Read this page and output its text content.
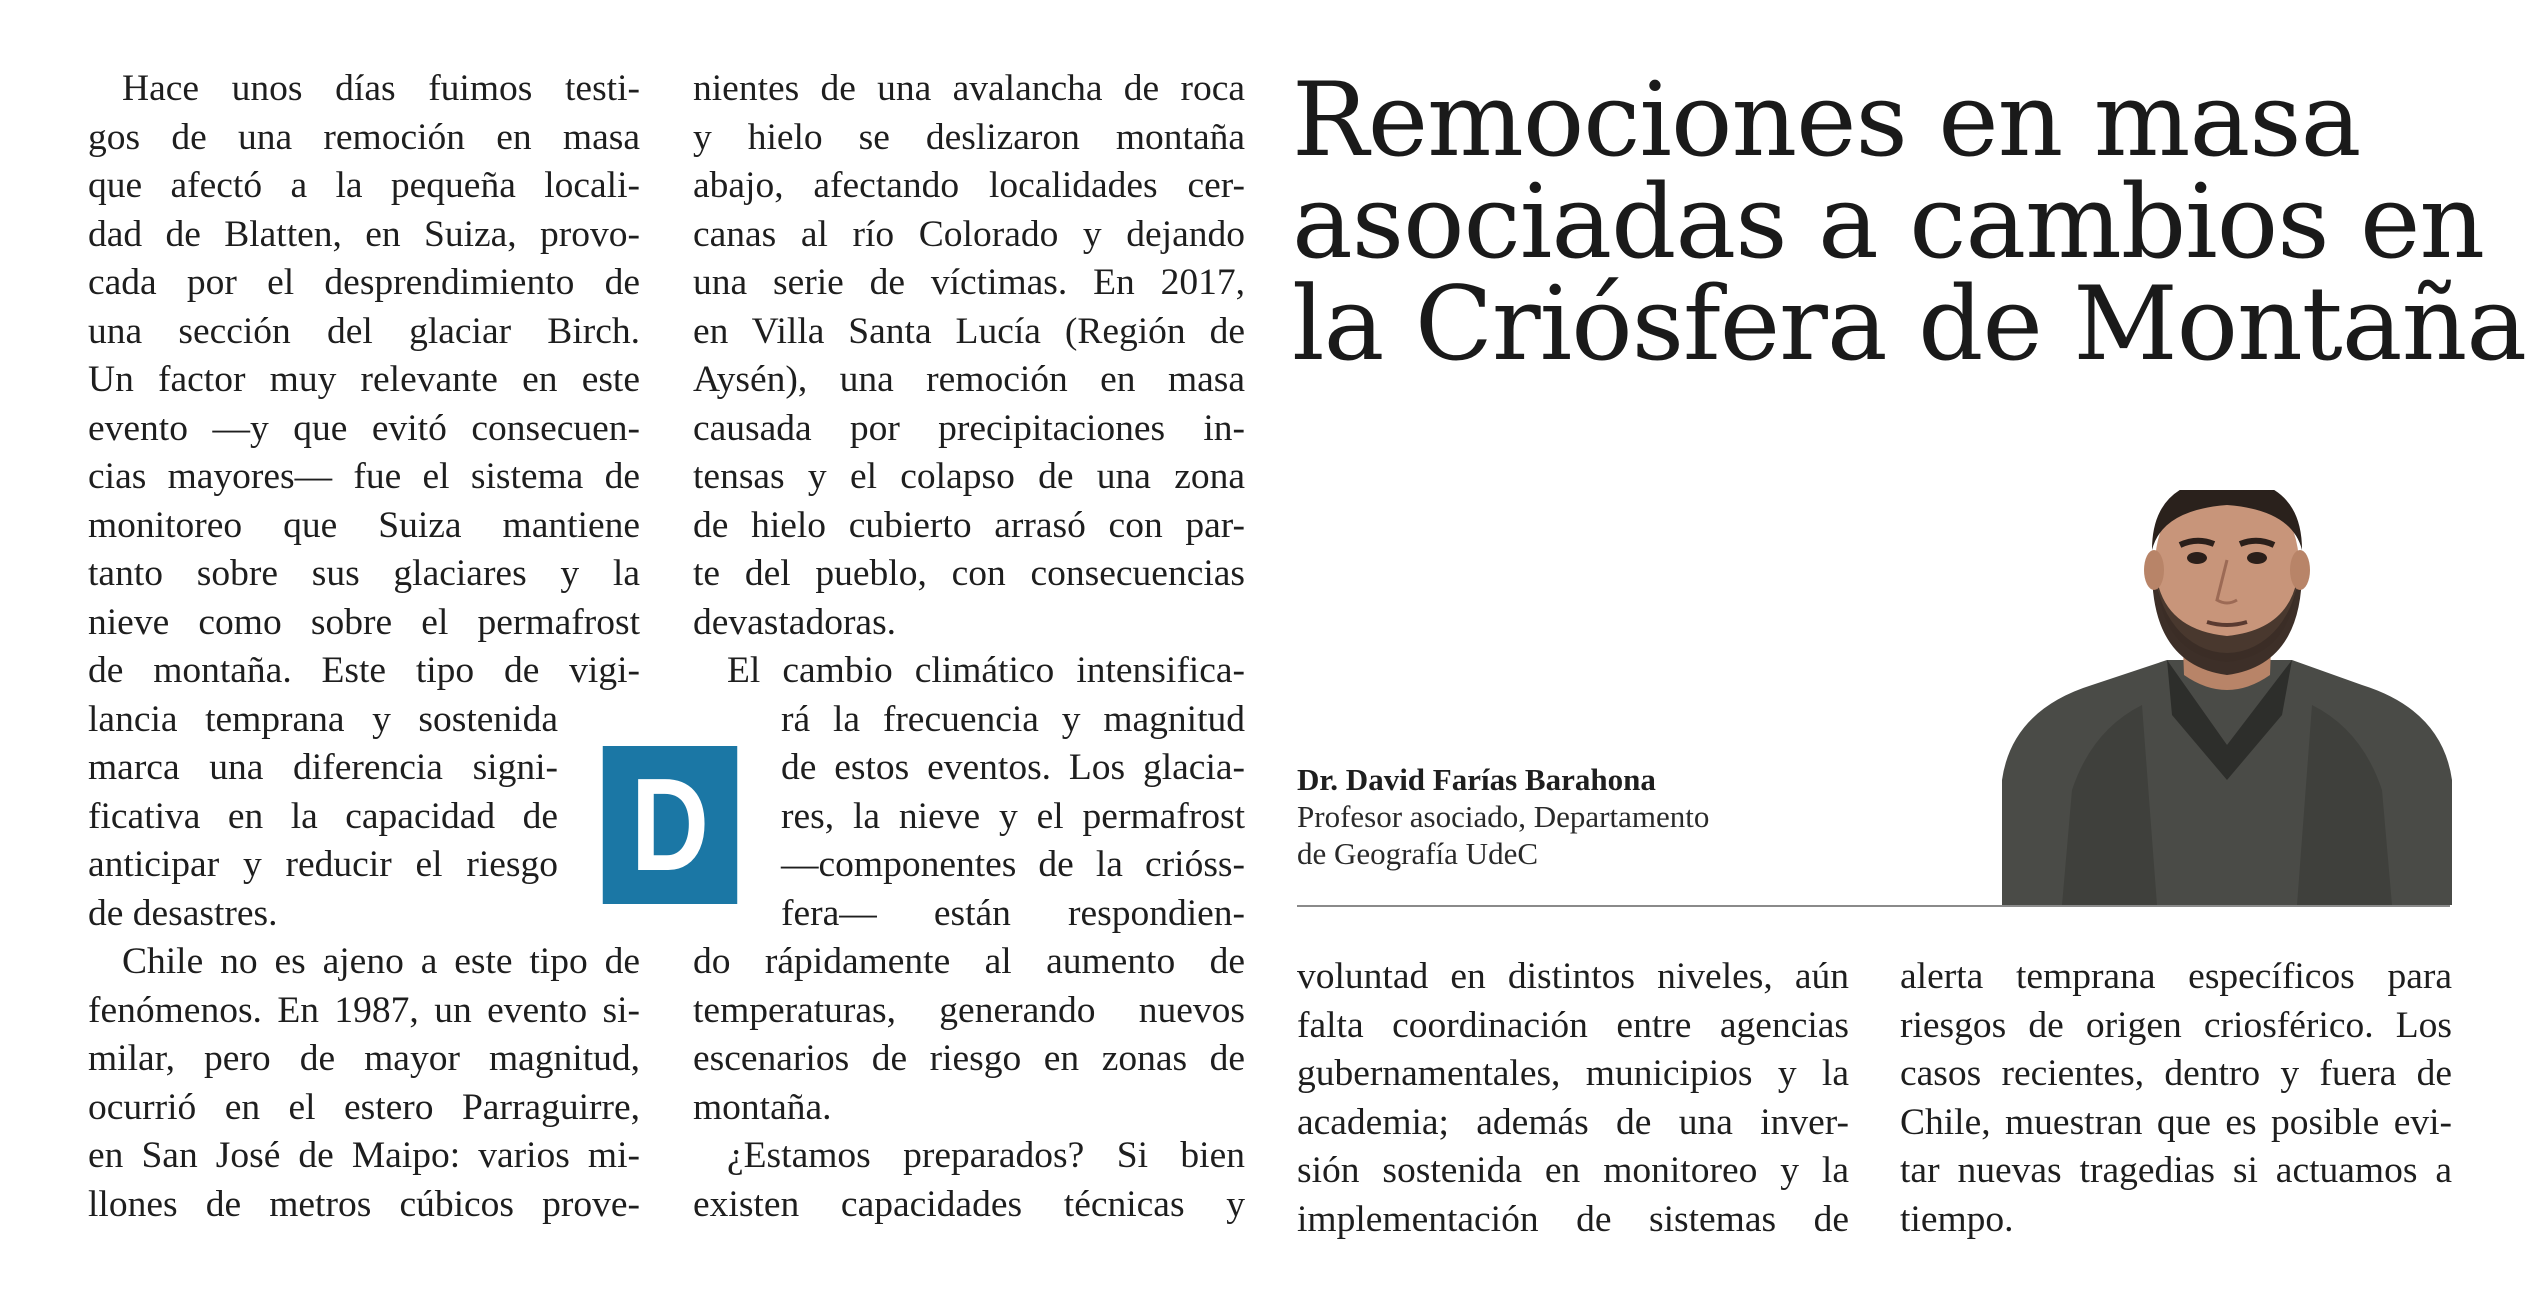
Hace unos días fuimos testi-
gos de una remoción en masa
que afectó a la pequeña locali-
dad de Blatten, en Suiza, provo-
cada por el desprendimiento de
una sección del glaciar Birch.
Un factor muy relevante en este
evento —y que evitó consecuen-
cias mayores— fue el sistema de
monitoreo que Suiza mantiene
tanto sobre sus glaciares y la
nieve como sobre el permafrost
de montaña. Este tipo de vigi-
lancia temprana y sostenida
marca una diferencia signi-
ficativa en la capacidad de
anticipar y reducir el riesgo
de desastres.
Chile no es ajeno a este tipo de
fenómenos. En 1987, un evento si-
milar, pero de mayor magnitud,
ocurrió en el estero Parraguirre,
en San José de Maipo: varios mi-
llones de metros cúbicos prove-
nientes de una avalancha de roca
y hielo se deslizaron montaña
abajo, afectando localidades cer-
canas al río Colorado y dejando
una serie de víctimas. En 2017,
en Villa Santa Lucía (Región de
Aysén), una remoción en masa
causada por precipitaciones in-
tensas y el colapso de una zona
de hielo cubierto arrasó con par-
te del pueblo, con consecuencias
devastadoras.
El cambio climático intensifica-
rá la frecuencia y magnitud
de estos eventos. Los glacia-
res, la nieve y el permafrost
—componentes de la crióss-
fera— están respondien-
do rápidamente al aumento de
temperaturas, generando nuevos
escenarios de riesgo en zonas de
montaña.
¿Estamos preparados? Si bien
existen capacidades técnicas y
D
Remociones en masa
asociadas a cambios en
la Criósfera de Montaña
Dr. David Farías Barahona
Profesor asociado, Departamento
de Geografía UdeC
voluntad en distintos niveles, aún
falta coordinación entre agencias
gubernamentales, municipios y la
academia; además de una inver-
sión sostenida en monitoreo y la
implementación de sistemas de
alerta temprana específicos para
riesgos de origen criosférico. Los
casos recientes, dentro y fuera de
Chile, muestran que es posible evi-
tar nuevas tragedias si actuamos a
tiempo.
